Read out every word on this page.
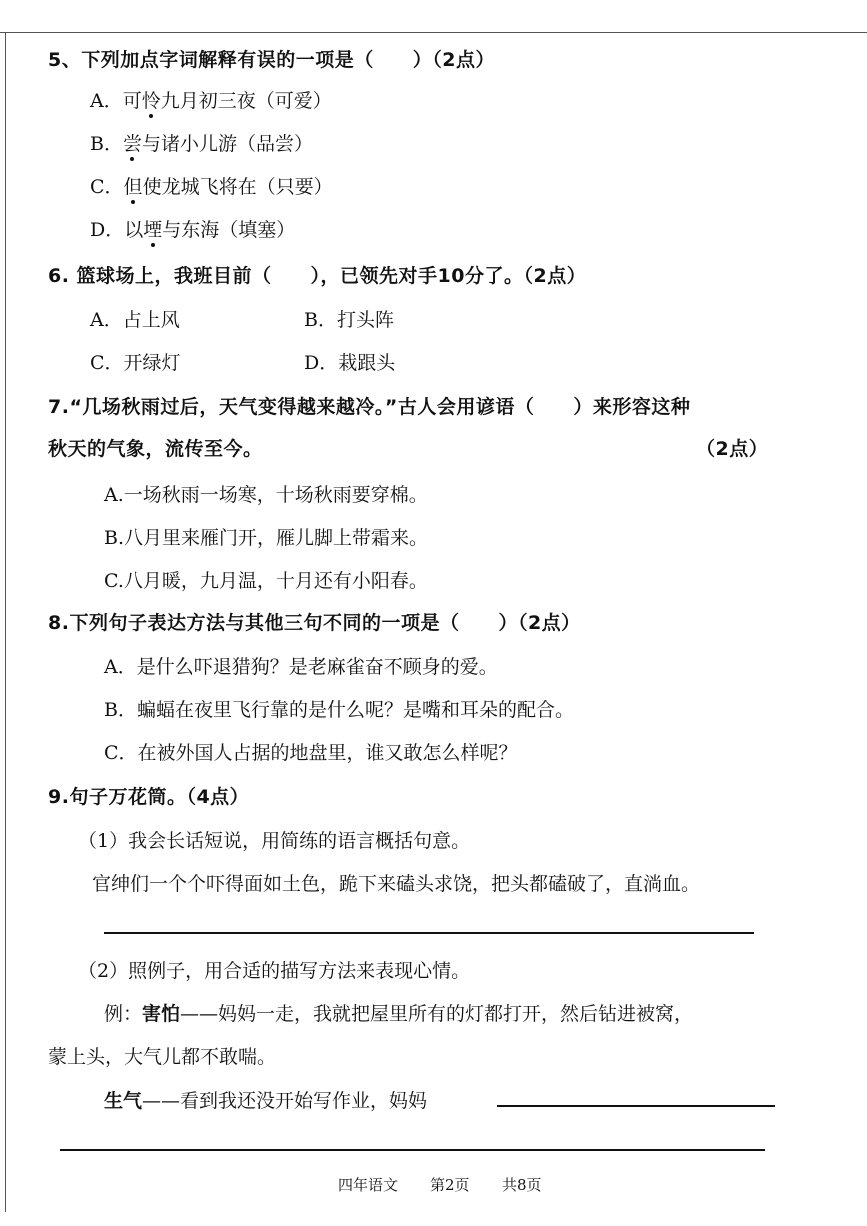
5、下列加点字词解释有误的一项是（　　）（2点）
A．可怜九月初三夜（可爱）
B．尝与诸小儿游（品尝）
C．但使龙城飞将在（只要）
D．以堙与东海（填塞）
6. 篮球场上，我班目前（　　），已领先对手10分了。（2点）
A．占上风	B．打头阵
C．开绿灯	D．栽跟头
7.“几场秋雨过后，天气变得越来越冷。”古人会用谚语（　　）来形容这种
秋天的气象，流传至今。	（2点）
A.一场秋雨一场寒，十场秋雨要穿棉。
B.八月里来雁门开，雁儿脚上带霜来。
C.八月暖，九月温，十月还有小阳春。
8.下列句子表达方法与其他三句不同的一项是（　　）（2点）
A．是什么吓退猎狗？是老麻雀奋不顾身的爱。
B．蝙蝠在夜里飞行靠的是什么呢？是嘴和耳朵的配合。
C．在被外国人占据的地盘里，谁又敢怎么样呢？
9.句子万花筒。（4点）
（1）我会长话短说，用简练的语言概括句意。
官绅们一个个吓得面如土色，跪下来磕头求饶，把头都磕破了，直淌血。
（2）照例子，用合适的描写方法来表现心情。
例：害怕——妈妈一走，我就把屋里所有的灯都打开，然后钻进被窝，
蒙上头，大气儿都不敢喘。
生气——看到我还没开始写作业，妈妈
四年语文 第2页 共8页
